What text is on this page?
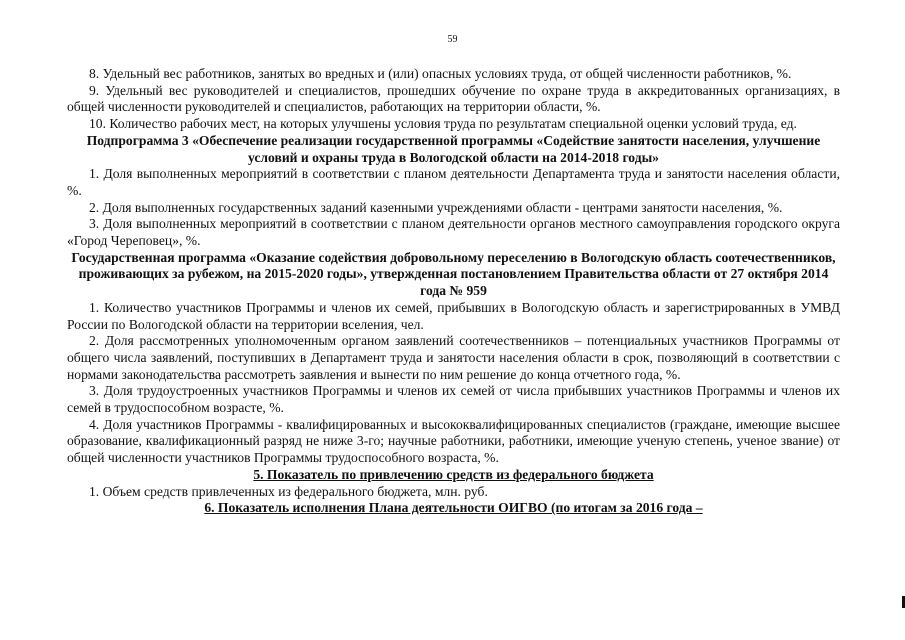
59

8. Удельный вес работников, занятых во вредных и (или) опасных условиях труда, от общей численности работников, %.

9. Удельный вес руководителей и специалистов, прошедших обучение по охране труда в аккредитованных организациях, в общей численности руководителей и специалистов, работающих на территории области, %.

10. Количество рабочих мест, на которых улучшены условия труда по результатам специальной оценки условий труда, ед.

Подпрограмма 3 «Обеспечение реализации государственной программы «Содействие занятости населения, улучшение условий и охраны труда в Вологодской области на 2014-2018 годы»

1. Доля выполненных мероприятий в соответствии с планом деятельности Департамента труда и занятости населения области, %.

2. Доля выполненных государственных заданий казенными учреждениями области - центрами занятости населения, %.

3. Доля выполненных мероприятий в соответствии с планом деятельности органов местного самоуправления городского округа «Город Череповец», %.

Государственная программа «Оказание содействия добровольному переселению в Вологодскую область соотечественников, проживающих за рубежом, на 2015-2020 годы», утвержденная постановлением Правительства области от 27 октября 2014 года № 959

1. Количество участников Программы и членов их семей, прибывших в Вологодскую область и зарегистрированных в УМВД России по Вологодской области на территории вселения, чел.

2. Доля рассмотренных уполномоченным органом заявлений соотечественников – потенциальных участников Программы от общего числа заявлений, поступивших в Департамент труда и занятости населения области в срок, позволяющий в соответствии с нормами законодательства рассмотреть заявления и вынести по ним решение до конца отчетного года, %.

3. Доля трудоустроенных участников Программы и членов их семей от числа прибывших участников Программы и членов их семей в трудоспособном возрасте, %.

4. Доля участников Программы - квалифицированных и высококвалифицированных специалистов (граждане, имеющие высшее образование, квалификационный разряд не ниже 3-го; научные работники, работники, имеющие ученую степень, ученое звание) от общей численности участников Программы трудоспособного возраста, %.

5. Показатель по привлечению средств из федерального бюджета

1. Объем средств привлеченных из федерального бюджета, млн. руб.

6. Показатель исполнения Плана деятельности ОИГВО (по итогам за 2016 года –
